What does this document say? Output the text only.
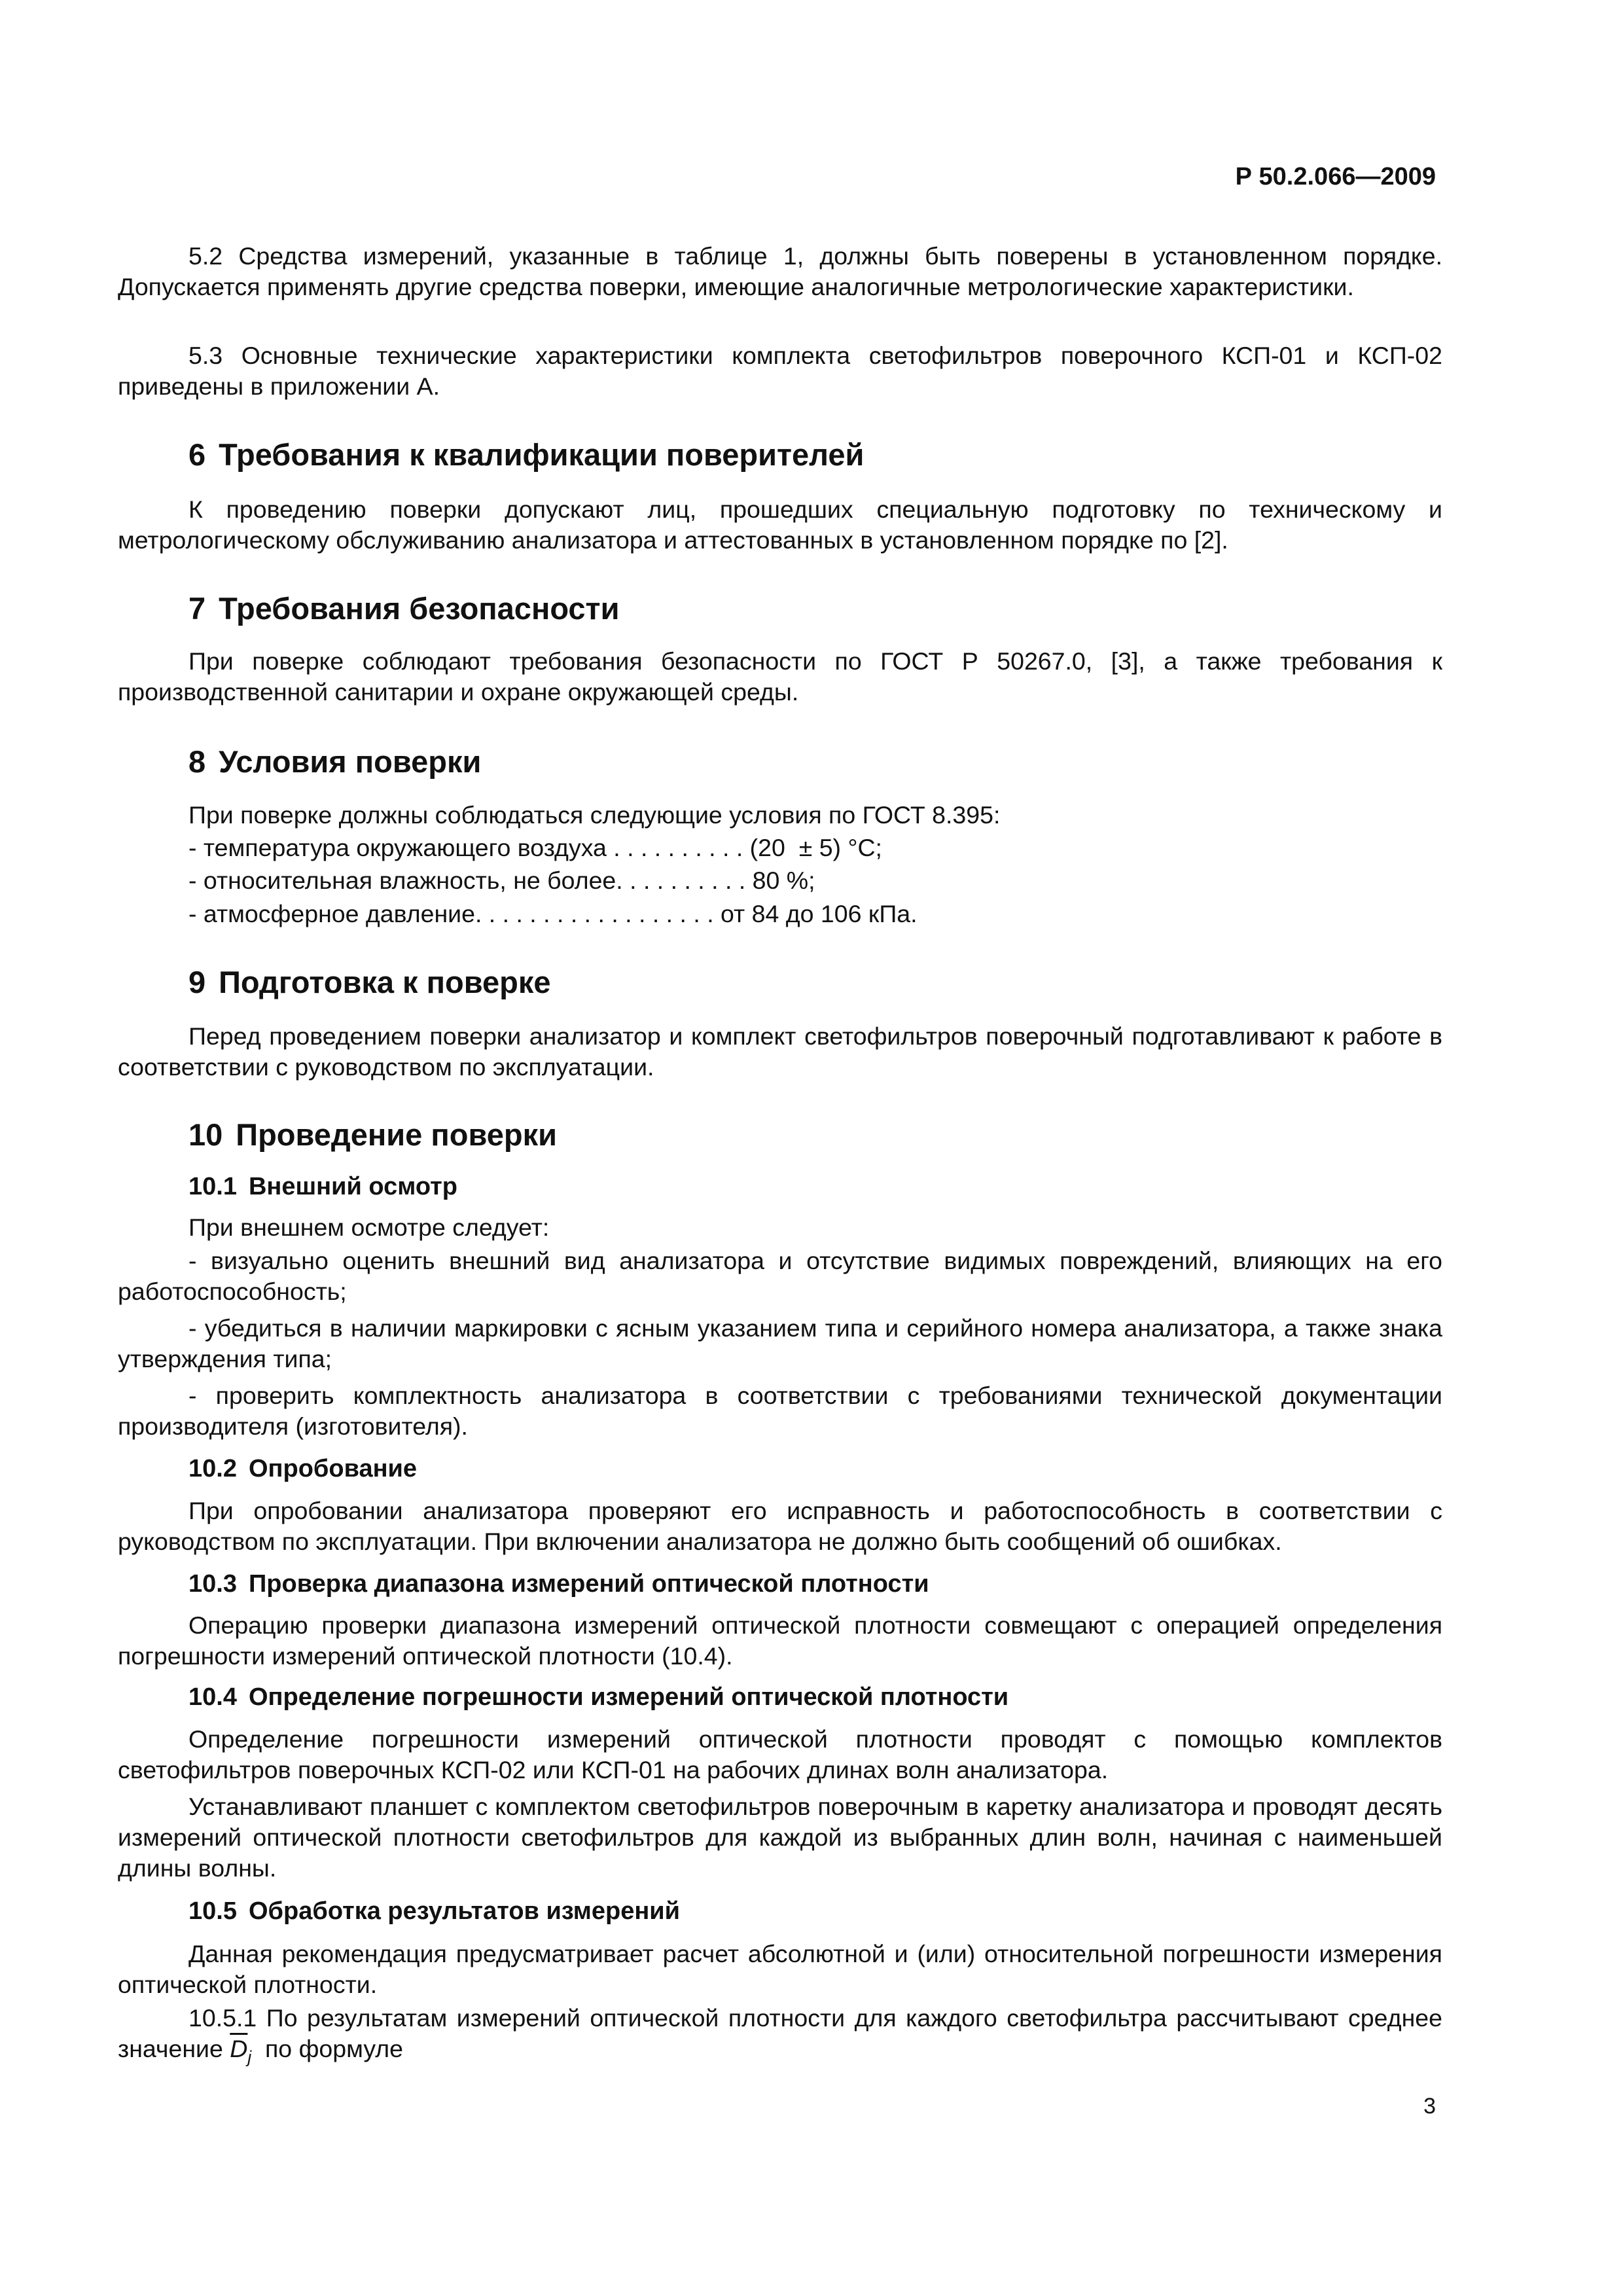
Р 50.2.066—2009

5.2 Средства измерений, указанные в таблице 1, должны быть поверены в установленном порядке. Допускается применять другие средства поверки, имеющие аналогичные метрологические характеристики.

5.3 Основные технические характеристики комплекта светофильтров поверочного КСП-01 и КСП-02 приведены в приложении А.

6 Требования к квалификации поверителей

К проведению поверки допускают лиц, прошедших специальную подготовку по техническому и метрологическому обслуживанию анализатора и аттестованных в установленном порядке по [2].

7 Требования безопасности

При поверке соблюдают требования безопасности по ГОСТ Р 50267.0, [3], а также требования к производственной санитарии и охране окружающей среды.

8 Условия поверки

При поверке должны соблюдаться следующие условия по ГОСТ 8.395:

- температура окружающего воздуха . . . . . . . . . . (20  ± 5) °С;

- относительная влажность, не более. . . . . . . . . . 80 %;

- атмосферное давление. . . . . . . . . . . . . . . . . . от 84 до 106 кПа.

9 Подготовка к поверке

Перед проведением поверки анализатор и комплект светофильтров поверочный подготавливают к работе в соответствии с руководством по эксплуатации.

10 Проведение поверки
10.1 Внешний осмотр

При внешнем осмотре следует:

- визуально оценить внешний вид анализатора и отсутствие видимых повреждений, влияющих на его работоспособность;

- убедиться в наличии маркировки с ясным указанием типа и серийного номера анализатора, а также знака утверждения типа;

- проверить комплектность анализатора в соответствии с требованиями технической документации производителя (изготовителя).

10.2 Опробование

При опробовании анализатора проверяют его исправность и работоспособность в соответствии с руководством по эксплуатации. При включении анализатора не должно быть сообщений об ошибках.

10.3 Проверка диапазона измерений оптической плотности

Операцию проверки диапазона измерений оптической плотности совмещают с операцией определения погрешности измерений оптической плотности (10.4).

10.4 Определение погрешности измерений оптической плотности

Определение погрешности измерений оптической плотности проводят с помощью комплектов светофильтров поверочных КСП-02 или КСП-01 на рабочих длинах волн анализатора.

Устанавливают планшет с комплектом светофильтров поверочным в каретку анализатора и проводят десять измерений оптической плотности светофильтров для каждой из выбранных длин волн, начиная с наименьшей длины волны.

10.5 Обработка результатов измерений

Данная рекомендация предусматривает расчет абсолютной и (или) относительной погрешности измерения оптической плотности.

10.5.1 По результатам измерений оптической плотности для каждого светофильтра рассчитывают среднее значение $\overline{D}_j$ по формуле

3
